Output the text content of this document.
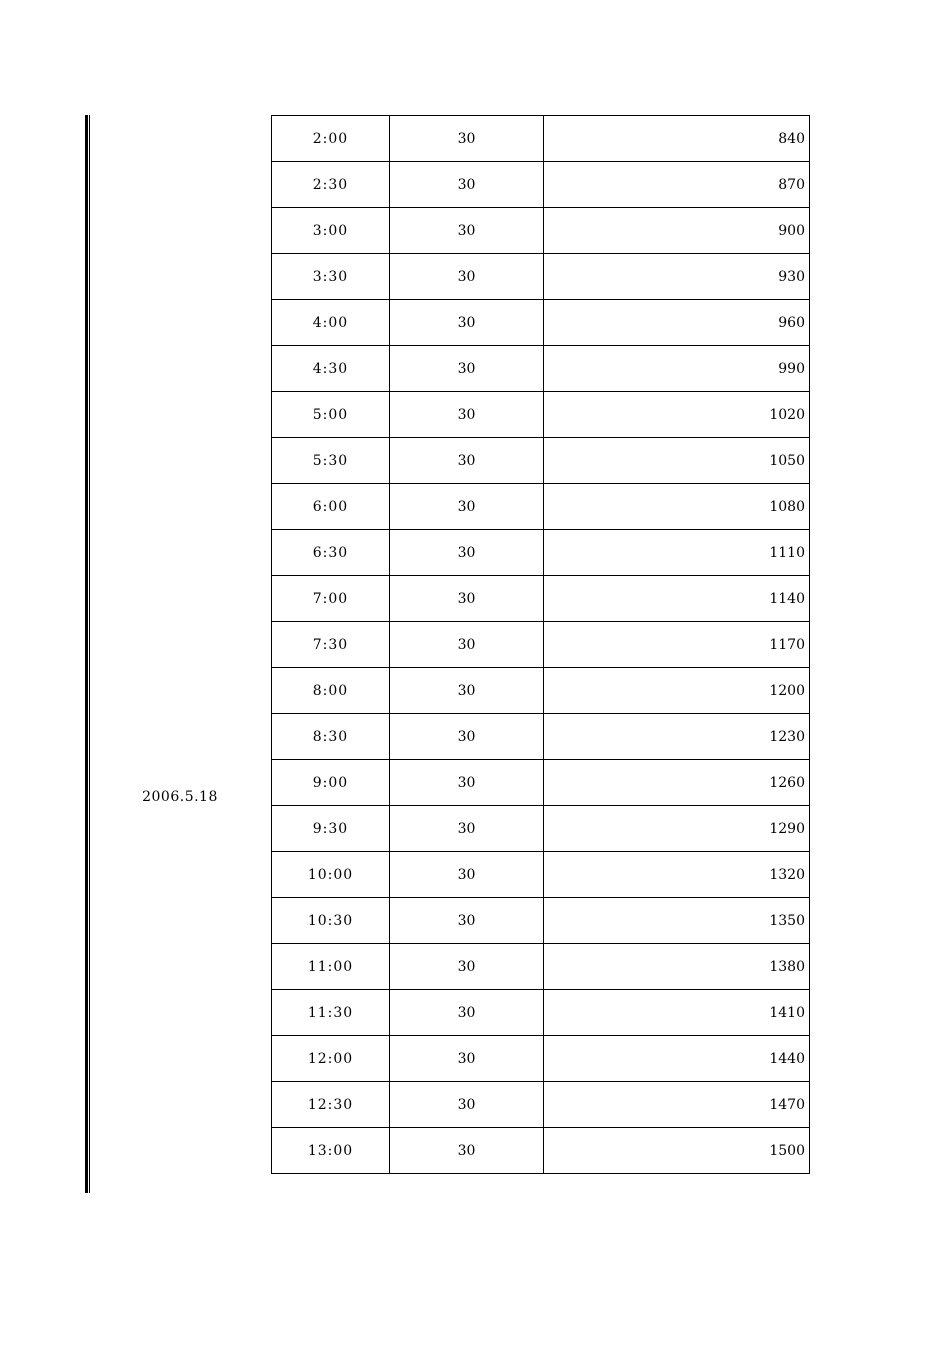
2006.5.18
2:00	30	840
2:30	30	870
3:00	30	900
3:30	30	930
4:00	30	960
4:30	30	990
5:00	30	1020
5:30	30	1050
6:00	30	1080
6:30	30	1110
7:00	30	1140
7:30	30	1170
8:00	30	1200
8:30	30	1230
9:00	30	1260
9:30	30	1290
10:00	30	1320
10:30	30	1350
11:00	30	1380
11:30	30	1410
12:00	30	1440
12:30	30	1470
13:00	30	1500
